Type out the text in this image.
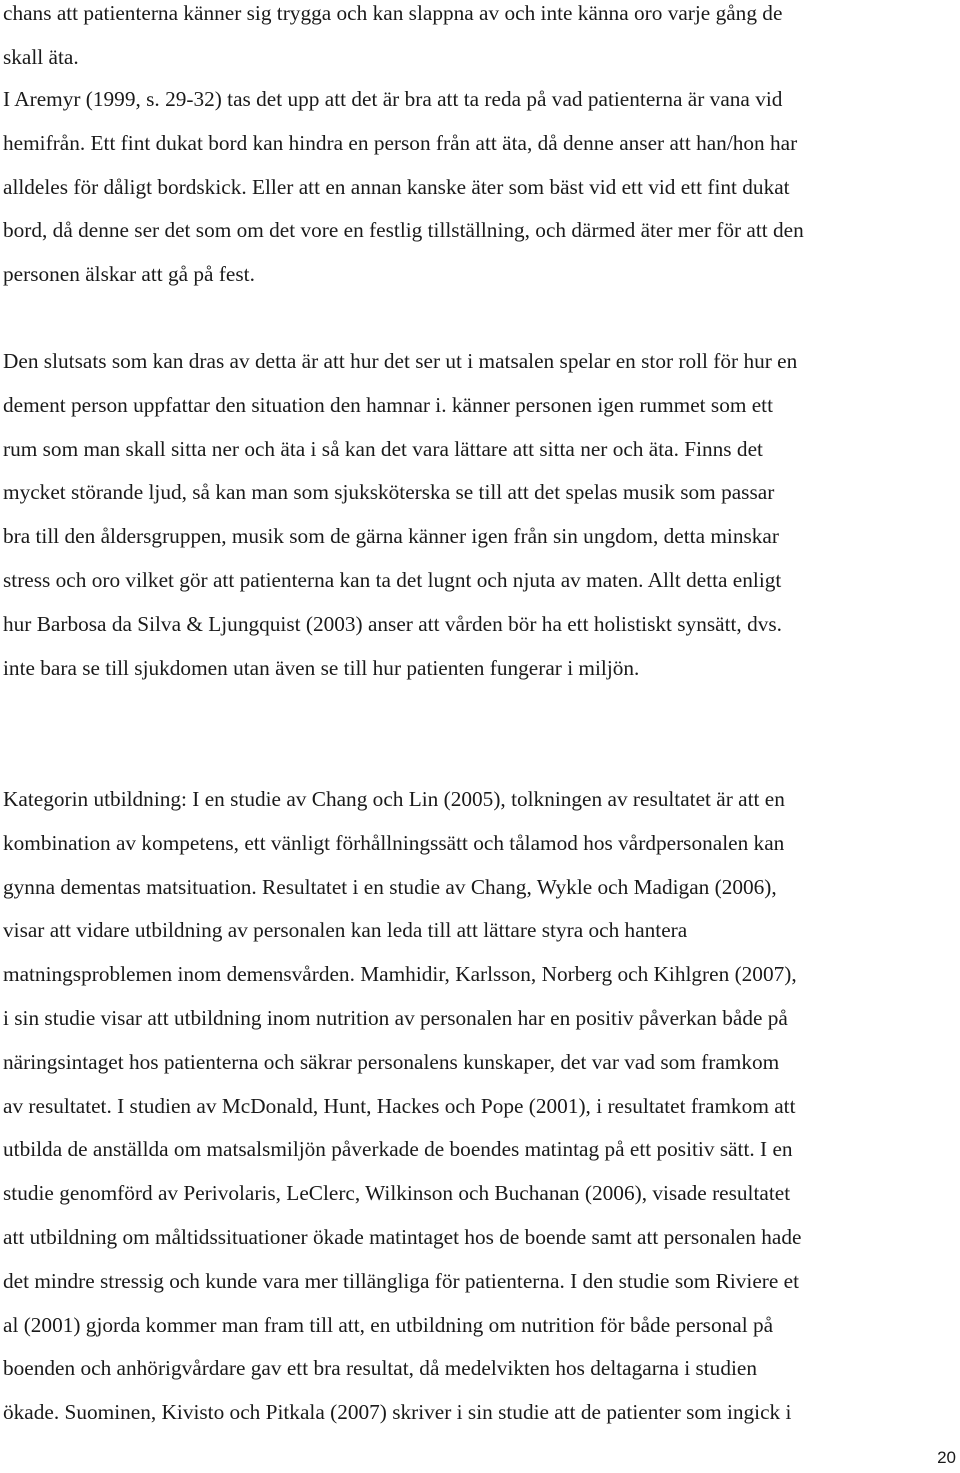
chans att patienterna känner sig trygga och kan slappna av och inte känna oro varje gång de
skall äta.

I Aremyr (1999, s. 29-32) tas det upp att det är bra att ta reda på vad patienterna är vana vid
hemifrån. Ett fint dukat bord kan hindra en person från att äta, då denne anser att han/hon har
alldeles för dåligt bordskick. Eller att en annan kanske äter som bäst vid ett vid ett fint dukat
bord, då denne ser det som om det vore en festlig tillställning, och därmed äter mer för att den
personen älskar att gå på fest.

Den slutsats som kan dras av detta är att hur det ser ut i matsalen spelar en stor roll för hur en
dement person uppfattar den situation den hamnar i. känner personen igen rummet som ett
rum som man skall sitta ner och äta i så kan det vara lättare att sitta ner och äta. Finns det
mycket störande ljud, så kan man som sjuksköterska se till att det spelas musik som passar
bra till den åldersgruppen, musik som de gärna känner igen från sin ungdom, detta minskar
stress och oro vilket gör att patienterna kan ta det lugnt och njuta av maten. Allt detta enligt
hur Barbosa da Silva & Ljungquist (2003) anser att vården bör ha ett holistiskt synsätt, dvs.
inte bara se till sjukdomen utan även se till hur patienten fungerar i miljön.

Kategorin utbildning: I en studie av Chang och Lin (2005), tolkningen av resultatet är att en
kombination av kompetens, ett vänligt förhållningssätt och tålamod hos vårdpersonalen kan
gynna dementas matsituation. Resultatet i en studie av Chang, Wykle och Madigan (2006),
visar att vidare utbildning av personalen kan leda till att lättare styra och hantera
matningsproblemen inom demensvården. Mamhidir, Karlsson, Norberg och Kihlgren (2007),
i sin studie visar att utbildning inom nutrition av personalen har en positiv påverkan både på
näringsintaget hos patienterna och säkrar personalens kunskaper, det var vad som framkom
av resultatet. I studien av McDonald, Hunt, Hackes och Pope (2001), i resultatet framkom att
utbilda de anställda om matsalsmiljön påverkade de boendes matintag på ett positiv sätt. I en
studie genomförd av Perivolaris, LeClerc, Wilkinson och Buchanan (2006), visade resultatet
att utbildning om måltidssituationer ökade matintaget hos de boende samt att personalen hade
det mindre stressig och kunde vara mer tillängliga för patienterna. I den studie som Riviere et
al (2001) gjorda kommer man fram till att, en utbildning om nutrition för både personal på
boenden och anhörigvårdare gav ett bra resultat, då medelvikten hos deltagarna i studien
ökade. Suominen, Kivisto och Pitkala (2007) skriver i sin studie att de patienter som ingick i

20
